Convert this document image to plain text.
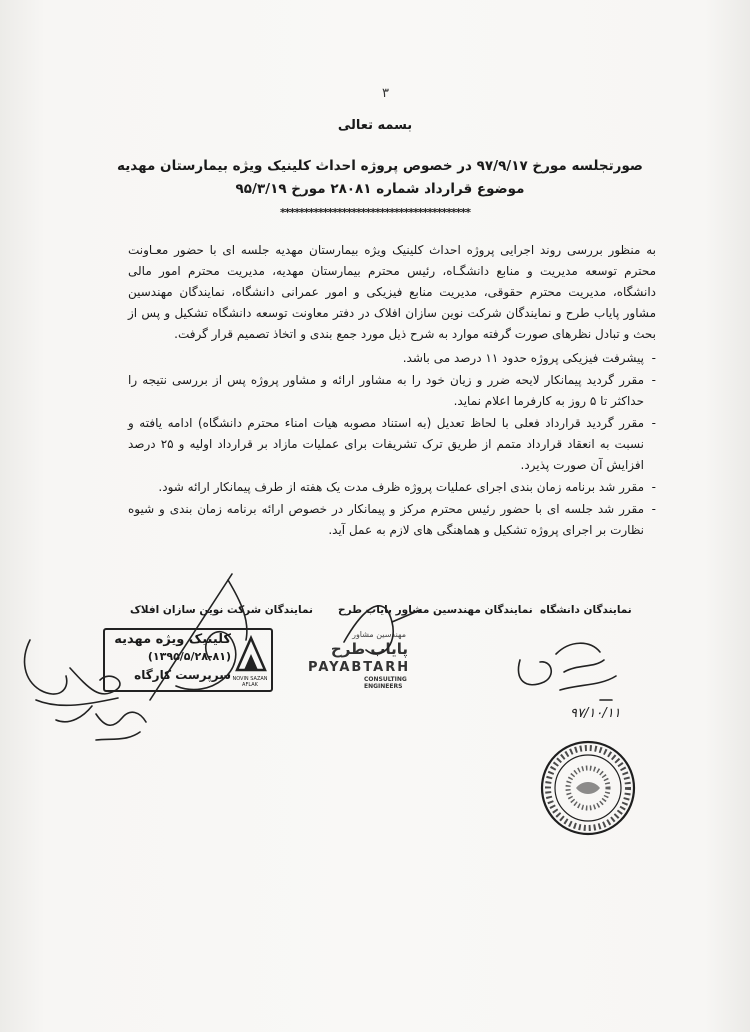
۳
بسمه تعالی
صورتجلسه مورخ ۹۷/۹/۱۷ در خصوص پروژه احداث کلینیک ویژه بیمارستان مهدیه
موضوع قرارداد شماره ۲۸۰۸۱ مورخ ۹۵/۳/۱۹
****************************************
به منظور بررسی روند اجرایی پروژه احداث کلینیک ویژه بیمارستان مهدیه جلسه ای با حضور معـاونت محترم توسعه مدیریت و منابع دانشگـاه، رئیس محترم بیمارستان مهدیه، مدیریت محترم امور مالی دانشگاه، مدیریت محترم حقوقی، مدیریت منابع فیزیکی و امور عمرانی دانشگاه، نمایندگان مهندسین مشاور پایاب طرح و نمایندگان شرکت نوین سازان افلاک در دفتر معاونت توسعه دانشگاه تشکیل و پس از بحث و تبادل نظرهای صورت گرفته موارد به شرح ذیل مورد جمع بندی و اتخاذ تصمیم قرار گرفت.
- پیشرفت فیزیکی پروژه حدود ۱۱ درصد می باشد.
- مقرر گردید پیمانکار لایحه ضرر و زیان خود را به مشاور ارائه و مشاور پروژه پس از بررسی نتیجه را حداکثر تا ۵ روز به کارفرما اعلام نماید.
- مقرر گردید قرارداد فعلی با لحاظ تعدیل (به استناد مصوبه هیات امناء محترم دانشگاه) ادامه یافته و نسبت به انعقاد قرارداد متمم از طریق ترک تشریفات برای عملیات مازاد بر قرارداد اولیه و ۲۵ درصد افزایش آن صورت پذیرد.
- مقرر شد برنامه زمان بندی اجرای عملیات پروژه ظرف مدت یک هفته از طرف پیمانکار ارائه شود.
- مقرر شد جلسه ای با حضور رئیس محترم مرکز و پیمانکار در خصوص ارائه برنامه زمان بندی و شیوه نظارت بر اجرای پروژه تشکیل و هماهنگی های لازم به عمل آید.
نمایندگان دانشگاه
نمایندگان مهندسین مشاور پایاب طرح
نمایندگان شرکت نوین سازان افلاک
کلینیک ویژه مهدیه
(۱۳۹۵/۵/۲۸-۸۱)
سرپرست کارگاه NOVIN SAZAN AFLAK
مهندسین مشاور
پایاب طرح
PAYABTARH
CONSULTING ENGINEERS
۹۷/۱۰/۱۱
